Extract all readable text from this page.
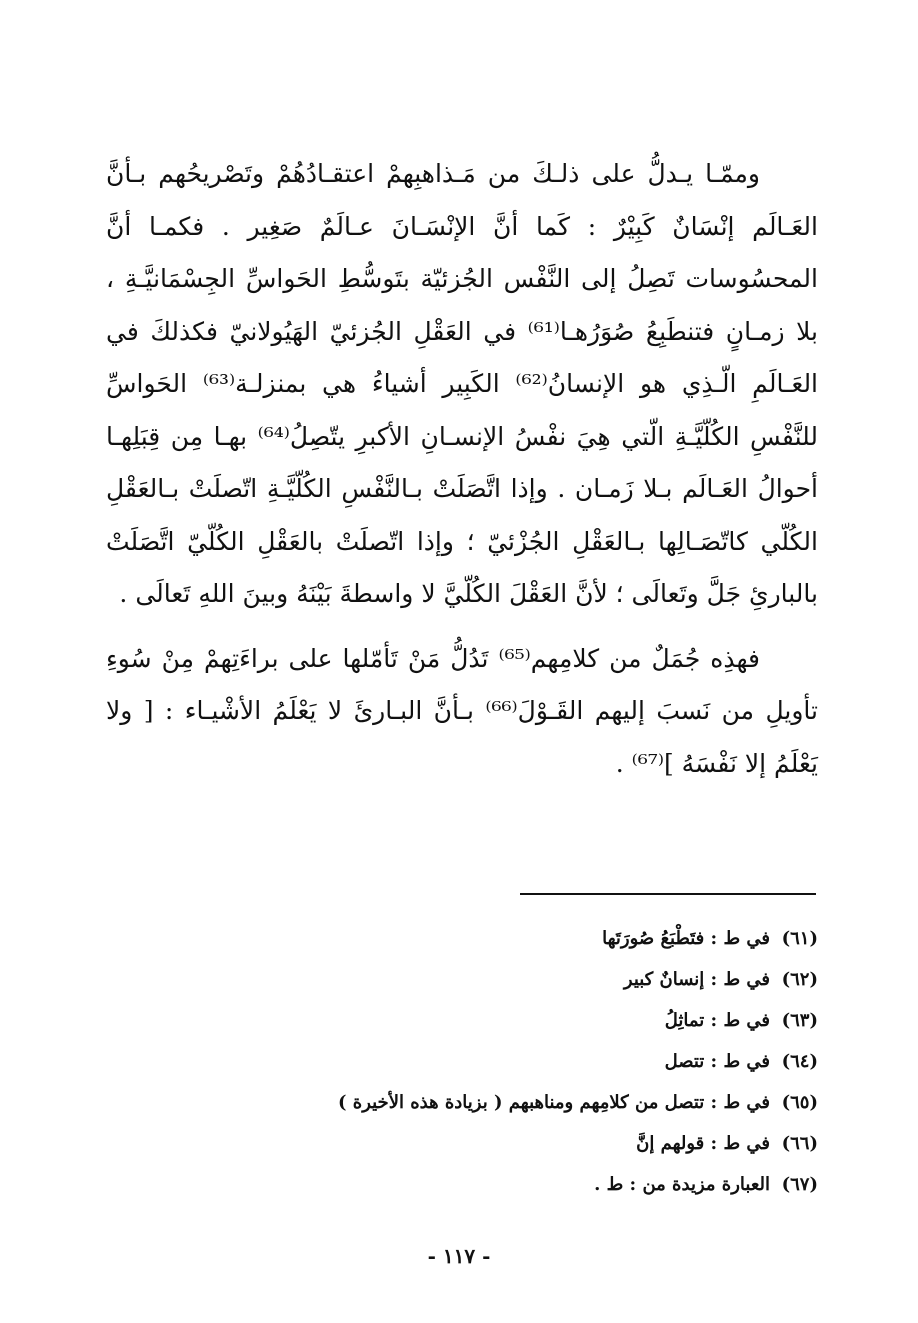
وممّـا يـدلُّ على ذلـكَ من مَـذاهبِهمْ اعتقـادُهُمْ وتَصْريحُهم بـأنَّ العَـالَم إنْسَانٌ كَبِيْرٌ : كَما أنَّ الإنْسَـانَ عـالَمٌ صَغِير . فكمـا أنَّ المحسُوسات تَصِلُ إلى النَّفْس الجُزئيّة بتَوسُّطِ الحَواسِّ الجِسْمَانيَّـةِ ، بلا زمـانٍ فتنطَبِعُ صُوَرُهـا⁽⁶¹⁾ في العَقْلِ الجُزئيّ الهَيُولانيّ فكذلكَ في العَـالَمِ الّـذِي هو الإنسانُ⁽⁶²⁾ الكَبِير أشياءُ هي بمنزلـة⁽⁶³⁾ الحَواسِّ للنَّفْسِ الكُلّيَّـةِ الّتي هِيَ نفْسُ الإنسـانِ الأكبرِ يتّصِلُ⁽⁶⁴⁾ بهـا مِن قِبَلِهـا أحوالُ العَـالَم بـلا زَمـان . وإذا اتَّصَلَتْ بـالنَّفْسِ الكُلّيَّـةِ اتّصلَتْ بـالعَقْلِ الكُلّي كاتّصَـالِها بـالعَقْلِ الجُزْئيّ ؛ وإذا اتّصلَتْ بالعَقْلِ الكُلّيّ اتَّصَلَتْ بالبارئِ جَلَّ وتَعالَى ؛ لأنَّ العَقْلَ الكُلّيَّ لا واسطةَ بَيْنَهُ وبينَ اللهِ تَعالَى .

فهذِه جُمَلٌ من كلامِهم⁽⁶⁵⁾ تَدُلُّ مَنْ تَأمّلها على براءَتِهمْ مِنْ سُوءِ تأويلِ من نَسبَ إليهم القَـوْلَ⁽⁶⁶⁾ بـأنَّ البـارئَ لا يَعْلَمُ الأشْيـاء : [ ولا يَعْلَمُ إلا نَفْسَهُ ]⁽⁶⁷⁾ .

(٦١)
في ط : فتَطْبَعُ صُورَتَها
(٦٢)
في ط : إنسانٌ كبير
(٦٣)
في ط : تماثِلُ
(٦٤)
في ط : تتصل
(٦٥)
في ط : تتصل من كلامِهم ومناهبهم ( بزيادة هذه الأخيرة )
(٦٦)
في ط : قولهم إنَّ
(٦٧)
العبارة مزيدة من : ط .
- ١١٧ -
